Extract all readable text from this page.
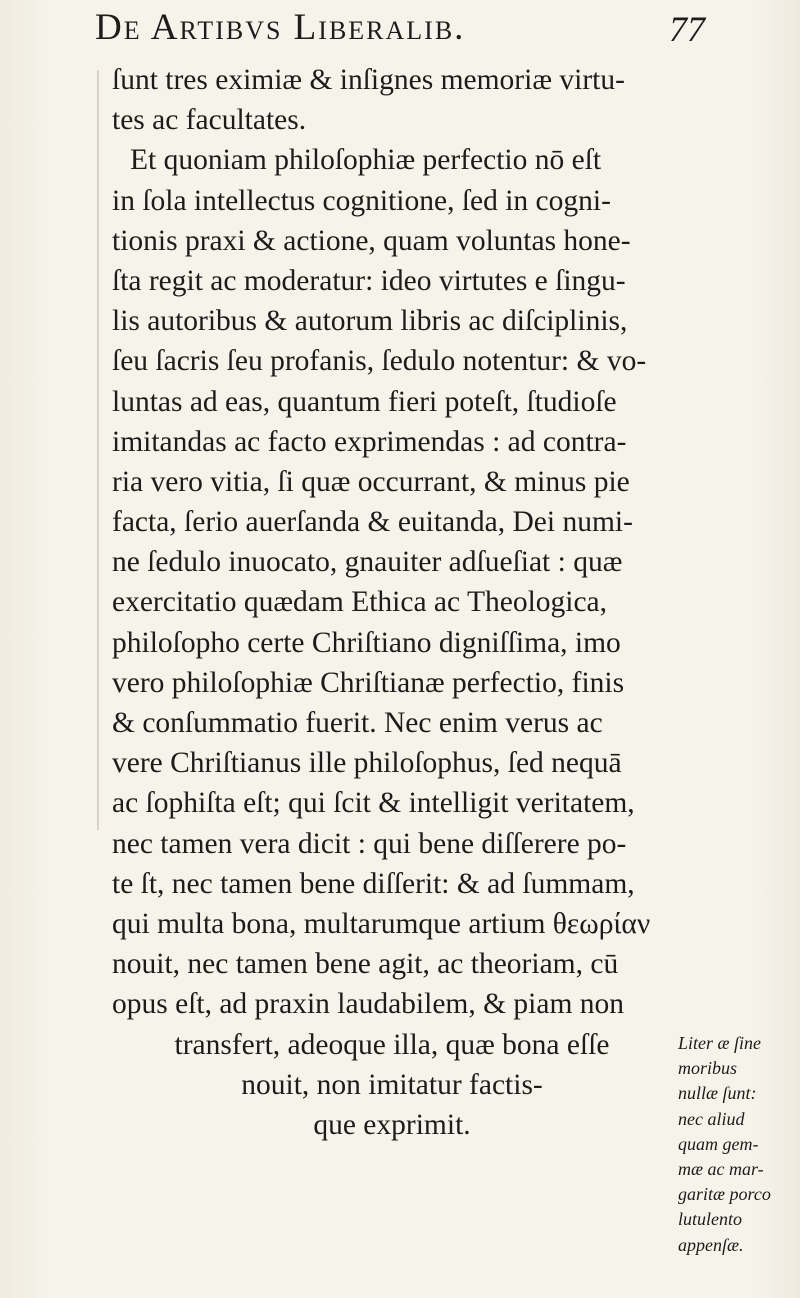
De Artibvs Liberalib.	77
ſunt tres eximiæ & inſignes memoriæ virtu-
tes ac facultates.
Et quoniam philoſophiæ perfectio nō eſt
in ſola intellectus cognitione, ſed in cogni-
tionis praxi & actione, quam voluntas hone-
ſta regit ac moderatur: ideo virtutes e ſingu-
lis autoribus & autorum libris ac diſciplinis,
ſeu ſacris ſeu profanis, ſedulo notentur: & vo-
luntas ad eas, quantum fieri poteſt, ſtudioſe
imitandas ac facto exprimendas : ad contra-
ria vero vitia, ſi quæ occurrant, & minus pie
facta, ſerio auerſanda & euitanda, Dei numi-
ne ſedulo inuocato, gnauiter adſueſiat : quæ
exercitatio quædam Ethica ac Theologica,
philoſopho certe Chriſtiano digniſſima, imo
vero philoſophiæ Chriſtianæ perfectio, finis
& conſummatio fuerit. Nec enim verus ac
vere Chriſtianus ille philoſophus, ſed nequā
ac ſophiſta eſt; qui ſcit & intelligit veritatem,
nec tamen vera dicit : qui bene diſſerere po-
te ſt, nec tamen bene diſſerit: & ad ſummam,
qui multa bona, multarumque artium θεωρίαν
nouit, nec tamen bene agit, ac theoriam, cū
opus eſt, ad praxin laudabilem, & piam non
transfert, adeoque illa, quæ bona eſſe
nouit, non imitatur factis-
que exprimit.
Liter æ ſine
moribus
nullæ ſunt:
nec aliud
quam gem-
mæ ac mar-
garitæ porco
lutulento
appenſæ.
